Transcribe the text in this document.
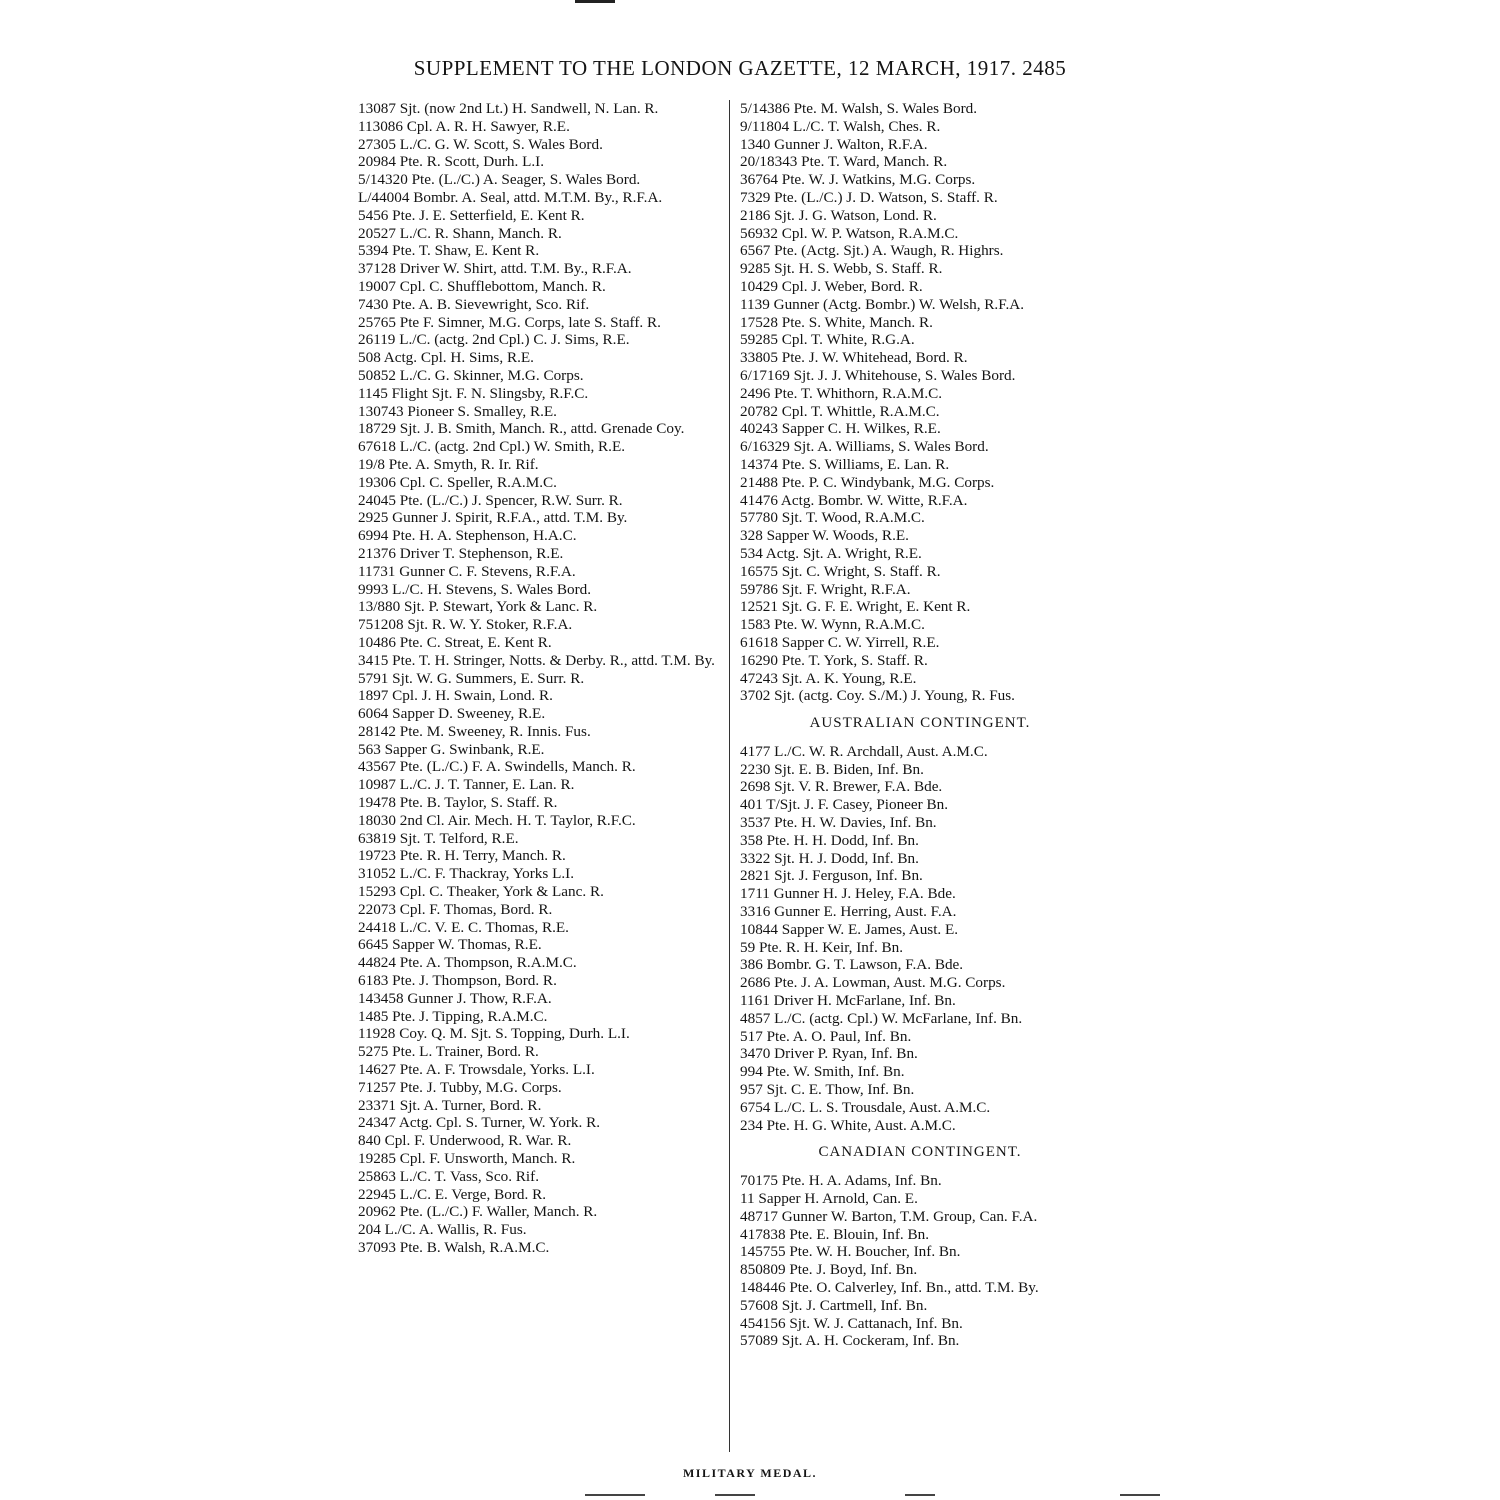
SUPPLEMENT TO THE LONDON GAZETTE, 12 MARCH, 1917. 2485
13087 Sjt. (now 2nd Lt.) H. Sandwell, N. Lan. R.
113086 Cpl. A. R. H. Sawyer, R.E.
27305 L./C. G. W. Scott, S. Wales Bord.
20984 Pte. R. Scott, Durh. L.I.
5/14320 Pte. (L./C.) A. Seager, S. Wales Bord.
L/44004 Bombr. A. Seal, attd. M.T.M. By., R.F.A.
5456 Pte. J. E. Setterfield, E. Kent R.
20527 L./C. R. Shann, Manch. R.
5394 Pte. T. Shaw, E. Kent R.
37128 Driver W. Shirt, attd. T.M. By., R.F.A.
19007 Cpl. C. Shufflebottom, Manch. R.
7430 Pte. A. B. Sievewright, Sco. Rif.
25765 Pte F. Simner, M.G. Corps, late S. Staff. R.
26119 L./C. (actg. 2nd Cpl.) C. J. Sims, R.E.
508 Actg. Cpl. H. Sims, R.E.
50852 L./C. G. Skinner, M.G. Corps.
1145 Flight Sjt. F. N. Slingsby, R.F.C.
130743 Pioneer S. Smalley, R.E.
18729 Sjt. J. B. Smith, Manch. R., attd. Grenade Coy.
67618 L./C. (actg. 2nd Cpl.) W. Smith, R.E.
19/8 Pte. A. Smyth, R. Ir. Rif.
19306 Cpl. C. Speller, R.A.M.C.
24045 Pte. (L./C.) J. Spencer, R.W. Surr. R.
2925 Gunner J. Spirit, R.F.A., attd. T.M. By.
6994 Pte. H. A. Stephenson, H.A.C.
21376 Driver T. Stephenson, R.E.
11731 Gunner C. F. Stevens, R.F.A.
9993 L./C. H. Stevens, S. Wales Bord.
13/880 Sjt. P. Stewart, York & Lanc. R.
751208 Sjt. R. W. Y. Stoker, R.F.A.
10486 Pte. C. Streat, E. Kent R.
3415 Pte. T. H. Stringer, Notts. & Derby. R., attd. T.M. By.
5791 Sjt. W. G. Summers, E. Surr. R.
1897 Cpl. J. H. Swain, Lond. R.
6064 Sapper D. Sweeney, R.E.
28142 Pte. M. Sweeney, R. Innis. Fus.
563 Sapper G. Swinbank, R.E.
43567 Pte. (L./C.) F. A. Swindells, Manch. R.
10987 L./C. J. T. Tanner, E. Lan. R.
19478 Pte. B. Taylor, S. Staff. R.
18030 2nd Cl. Air. Mech. H. T. Taylor, R.F.C.
63819 Sjt. T. Telford, R.E.
19723 Pte. R. H. Terry, Manch. R.
31052 L./C. F. Thackray, Yorks L.I.
15293 Cpl. C. Theaker, York & Lanc. R.
22073 Cpl. F. Thomas, Bord. R.
24418 L./C. V. E. C. Thomas, R.E.
6645 Sapper W. Thomas, R.E.
44824 Pte. A. Thompson, R.A.M.C.
6183 Pte. J. Thompson, Bord. R.
143458 Gunner J. Thow, R.F.A.
1485 Pte. J. Tipping, R.A.M.C.
11928 Coy. Q. M. Sjt. S. Topping, Durh. L.I.
5275 Pte. L. Trainer, Bord. R.
14627 Pte. A. F. Trowsdale, Yorks. L.I.
71257 Pte. J. Tubby, M.G. Corps.
23371 Sjt. A. Turner, Bord. R.
24347 Actg. Cpl. S. Turner, W. York. R.
840 Cpl. F. Underwood, R. War. R.
19285 Cpl. F. Unsworth, Manch. R.
25863 L./C. T. Vass, Sco. Rif.
22945 L./C. E. Verge, Bord. R.
20962 Pte. (L./C.) F. Waller, Manch. R.
204 L./C. A. Wallis, R. Fus.
37093 Pte. B. Walsh, R.A.M.C.
5/14386 Pte. M. Walsh, S. Wales Bord.
9/11804 L./C. T. Walsh, Ches. R.
1340 Gunner J. Walton, R.F.A.
20/18343 Pte. T. Ward, Manch. R.
36764 Pte. W. J. Watkins, M.G. Corps.
7329 Pte. (L./C.) J. D. Watson, S. Staff. R.
2186 Sjt. J. G. Watson, Lond. R.
56932 Cpl. W. P. Watson, R.A.M.C.
6567 Pte. (Actg. Sjt.) A. Waugh, R. Highrs.
9285 Sjt. H. S. Webb, S. Staff. R.
10429 Cpl. J. Weber, Bord. R.
1139 Gunner (Actg. Bombr.) W. Welsh, R.F.A.
17528 Pte. S. White, Manch. R.
59285 Cpl. T. White, R.G.A.
33805 Pte. J. W. Whitehead, Bord. R.
6/17169 Sjt. J. J. Whitehouse, S. Wales Bord.
2496 Pte. T. Whithorn, R.A.M.C.
20782 Cpl. T. Whittle, R.A.M.C.
40243 Sapper C. H. Wilkes, R.E.
6/16329 Sjt. A. Williams, S. Wales Bord.
14374 Pte. S. Williams, E. Lan. R.
21488 Pte. P. C. Windybank, M.G. Corps.
41476 Actg. Bombr. W. Witte, R.F.A.
57780 Sjt. T. Wood, R.A.M.C.
328 Sapper W. Woods, R.E.
534 Actg. Sjt. A. Wright, R.E.
16575 Sjt. C. Wright, S. Staff. R.
59786 Sjt. F. Wright, R.F.A.
12521 Sjt. G. F. E. Wright, E. Kent R.
1583 Pte. W. Wynn, R.A.M.C.
61618 Sapper C. W. Yirrell, R.E.
16290 Pte. T. York, S. Staff. R.
47243 Sjt. A. K. Young, R.E.
3702 Sjt. (actg. Coy. S./M.) J. Young, R. Fus.
AUSTRALIAN CONTINGENT.
4177 L./C. W. R. Archdall, Aust. A.M.C.
2230 Sjt. E. B. Biden, Inf. Bn.
2698 Sjt. V. R. Brewer, F.A. Bde.
401 T/Sjt. J. F. Casey, Pioneer Bn.
3537 Pte. H. W. Davies, Inf. Bn.
358 Pte. H. H. Dodd, Inf. Bn.
3322 Sjt. H. J. Dodd, Inf. Bn.
2821 Sjt. J. Ferguson, Inf. Bn.
1711 Gunner H. J. Heley, F.A. Bde.
3316 Gunner E. Herring, Aust. F.A.
10844 Sapper W. E. James, Aust. E.
59 Pte. R. H. Keir, Inf. Bn.
386 Bombr. G. T. Lawson, F.A. Bde.
2686 Pte. J. A. Lowman, Aust. M.G. Corps.
1161 Driver H. McFarlane, Inf. Bn.
4857 L./C. (actg. Cpl.) W. McFarlane, Inf. Bn.
517 Pte. A. O. Paul, Inf. Bn.
3470 Driver P. Ryan, Inf. Bn.
994 Pte. W. Smith, Inf. Bn.
957 Sjt. C. E. Thow, Inf. Bn.
6754 L./C. L. S. Trousdale, Aust. A.M.C.
234 Pte. H. G. White, Aust. A.M.C.
CANADIAN CONTINGENT.
70175 Pte. H. A. Adams, Inf. Bn.
11 Sapper H. Arnold, Can. E.
48717 Gunner W. Barton, T.M. Group, Can. F.A.
417838 Pte. E. Blouin, Inf. Bn.
145755 Pte. W. H. Boucher, Inf. Bn.
850809 Pte. J. Boyd, Inf. Bn.
148446 Pte. O. Calverley, Inf. Bn., attd. T.M. By.
57608 Sjt. J. Cartmell, Inf. Bn.
454156 Sjt. W. J. Cattanach, Inf. Bn.
57089 Sjt. A. H. Cockeram, Inf. Bn.
MILITARY MEDAL.
